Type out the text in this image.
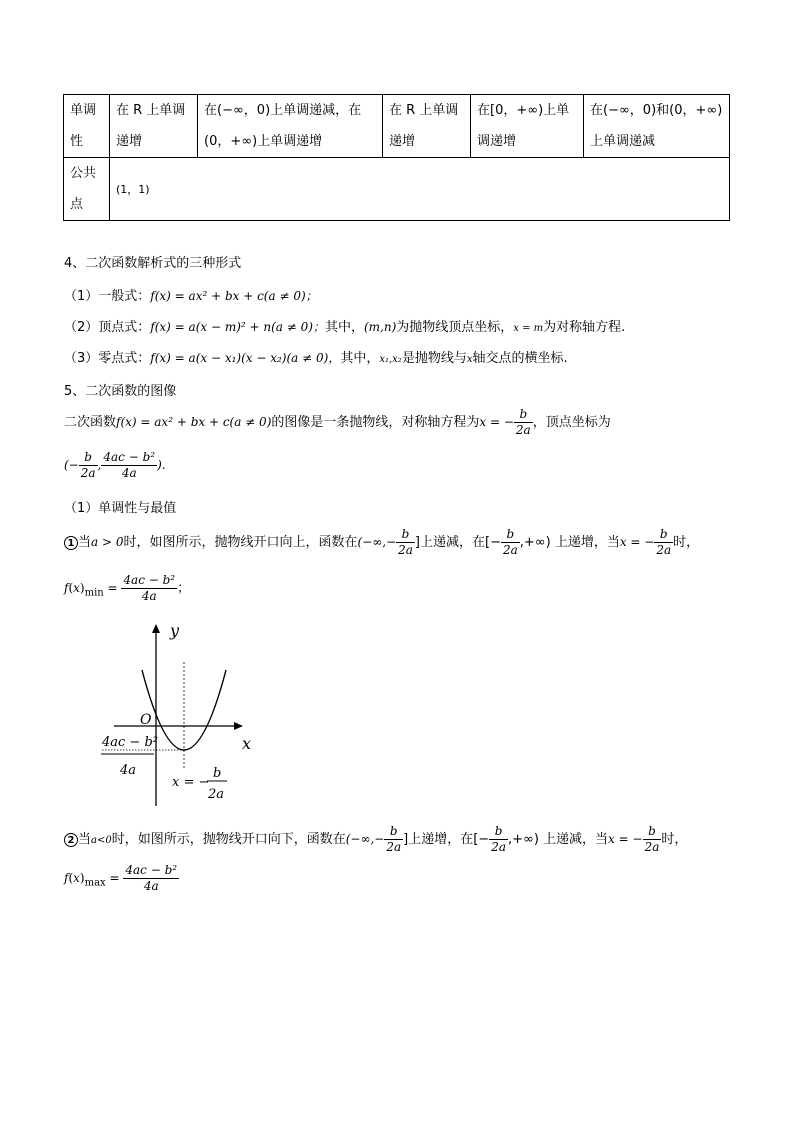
单调性	在 R 上单调递增	在(−∞，0)上单调递减，在(0，+∞)上单调递增	在 R 上单调递增	在[0，+∞)上单调递增	在(−∞，0)和(0，+∞)上单调递减
公共点	(1，1)				
4、二次函数解析式的三种形式
（1）一般式：f(x) = ax² + bx + c(a ≠ 0)；
（2）顶点式：f(x) = a(x − m)² + n(a ≠ 0)；其中，(m,n)为抛物线顶点坐标，x = m为对称轴方程.
（3）零点式：f(x) = a(x − x₁)(x − x₂)(a ≠ 0)，其中，x₁,x₂是抛物线与x轴交点的横坐标.
5、二次函数的图像
二次函数f(x) = ax² + bx + c(a ≠ 0)的图像是一条抛物线，对称轴方程为x = − $\frac{b}{2a}$ ，顶点坐标为
(− $\frac{b}{2a}$ , $\frac{\text{4ac − b²}}{4a}$ ).
（1）单调性与最值
1 当a > 0时，如图所示，抛物线开口向上，函数在(−∞,− $\frac{b}{2a}$ ]上递减，在[− $\frac{b}{2a}$ ,+∞) 上递增，当x = − $\frac{b}{2a}$ 时，
$f(x)_{min} = \frac{\text{4ac − b²}}{4a}$ ；
y
x
O
4ac − b²
4a
x = −
b
2a
2 当a<0时，如图所示，抛物线开口向下，函数在(−∞,− $\frac{b}{2a}$ ]上递增，在[− $\frac{b}{2a}$ ,+∞) 上递减，当x = − $\frac{b}{2a}$ 时，
$f(x)_{max} = \frac{\text{4ac − b²}}{4a}$
